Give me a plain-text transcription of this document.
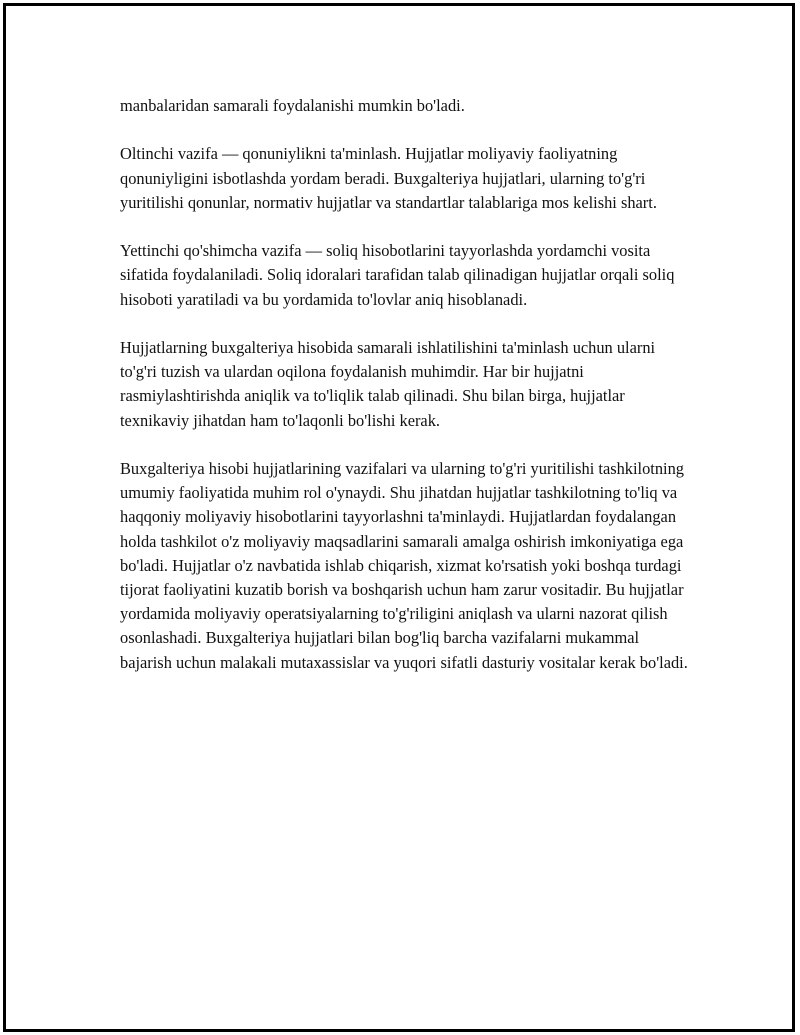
manbalaridan samarali foydalanishi mumkin bo'ladi.

Oltinchi vazifa — qonuniylikni ta'minlash. Hujjatlar moliyaviy faoliyatning qonuniyligini isbotlashda yordam beradi. Buxgalteriya hujjatlari, ularning to'g'ri yuritilishi qonunlar, normativ hujjatlar va standartlar talablariga mos kelishi shart.

Yettinchi qo'shimcha vazifa — soliq hisobotlarini tayyorlashda yordamchi vosita sifatida foydalaniladi. Soliq idoralari tarafidan talab qilinadigan hujjatlar orqali soliq hisoboti yaratiladi va bu yordamida to'lovlar aniq hisoblanadi.

Hujjatlarning buxgalteriya hisobida samarali ishlatilishini ta'minlash uchun ularni to'g'ri tuzish va ulardan oqilona foydalanish muhimdir. Har bir hujjatni rasmiylashtirishda aniqlik va to'liqlik talab qilinadi. Shu bilan birga, hujjatlar texnikaviy jihatdan ham to'laqonli bo'lishi kerak.

Buxgalteriya hisobi hujjatlarining vazifalari va ularning to'g'ri yuritilishi tashkilotning umumiy faoliyatida muhim rol o'ynaydi. Shu jihatdan hujjatlar tashkilotning to'liq va haqqoniy moliyaviy hisobotlarini tayyorlashni ta'minlaydi. Hujjatlardan foydalangan holda tashkilot o'z moliyaviy maqsadlarini samarali amalga oshirish imkoniyatiga ega bo'ladi. Hujjatlar o'z navbatida ishlab chiqarish, xizmat ko'rsatish yoki boshqa turdagi tijorat faoliyatini kuzatib borish va boshqarish uchun ham zarur vositadir. Bu hujjatlar yordamida moliyaviy operatsiyalarning to'g'riligini aniqlash va ularni nazorat qilish osonlashadi. Buxgalteriya hujjatlari bilan bog'liq barcha vazifalarni mukammal bajarish uchun malakali mutaxassislar va yuqori sifatli dasturiy vositalar kerak bo'ladi.
